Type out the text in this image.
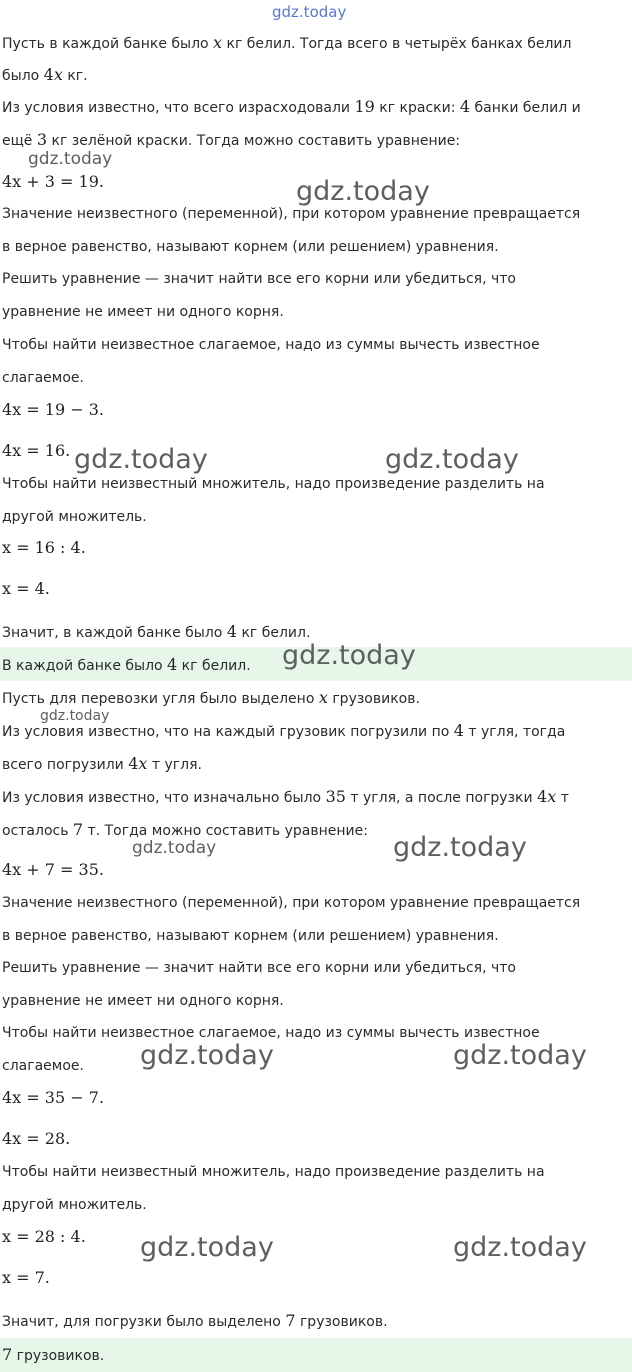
Пусть в каждой банке было x кг белил. Тогда всего в четырёх банках белил
было 4x кг.
Из условия известно, что всего израсходовали 19 кг краски: 4 банки белил и
ещё 3 кг зелёной краски. Тогда можно составить уравнение:
4x + 3 = 19.
Значение неизвестного (переменной), при котором уравнение превращается
в верное равенство, называют корнем (или решением) уравнения.
Решить уравнение — значит найти все его корни или убедиться, что
уравнение не имеет ни одного корня.
Чтобы найти неизвестное слагаемое, надо из суммы вычесть известное
слагаемое.
4x = 19 − 3.
4x = 16.
Чтобы найти неизвестный множитель, надо произведение разделить на
другой множитель.
x = 16 : 4.
x = 4.
Значит, в каждой банке было 4 кг белил.
В каждой банке было 4 кг белил.
Пусть для перевозки угля было выделено x грузовиков.
Из условия известно, что на каждый грузовик погрузили по 4 т угля, тогда
всего погрузили 4x т угля.
Из условия известно, что изначально было 35 т угля, а после погрузки 4x т
осталось 7 т. Тогда можно составить уравнение:
4x + 7 = 35.
Значение неизвестного (переменной), при котором уравнение превращается
в верное равенство, называют корнем (или решением) уравнения.
Решить уравнение — значит найти все его корни или убедиться, что
уравнение не имеет ни одного корня.
Чтобы найти неизвестное слагаемое, надо из суммы вычесть известное
слагаемое.
4x = 35 − 7.
4x = 28.
Чтобы найти неизвестный множитель, надо произведение разделить на
другой множитель.
x = 28 : 4.
x = 7.
Значит, для погрузки было выделено 7 грузовиков.
7 грузовиков.
gdz.today
gdz.today
gdz.today
gdz.today	gdz.today
gdz.today
gdz.today
gdz.today	gdz.today
gdz.today	gdz.today
gdz.today	gdz.today
